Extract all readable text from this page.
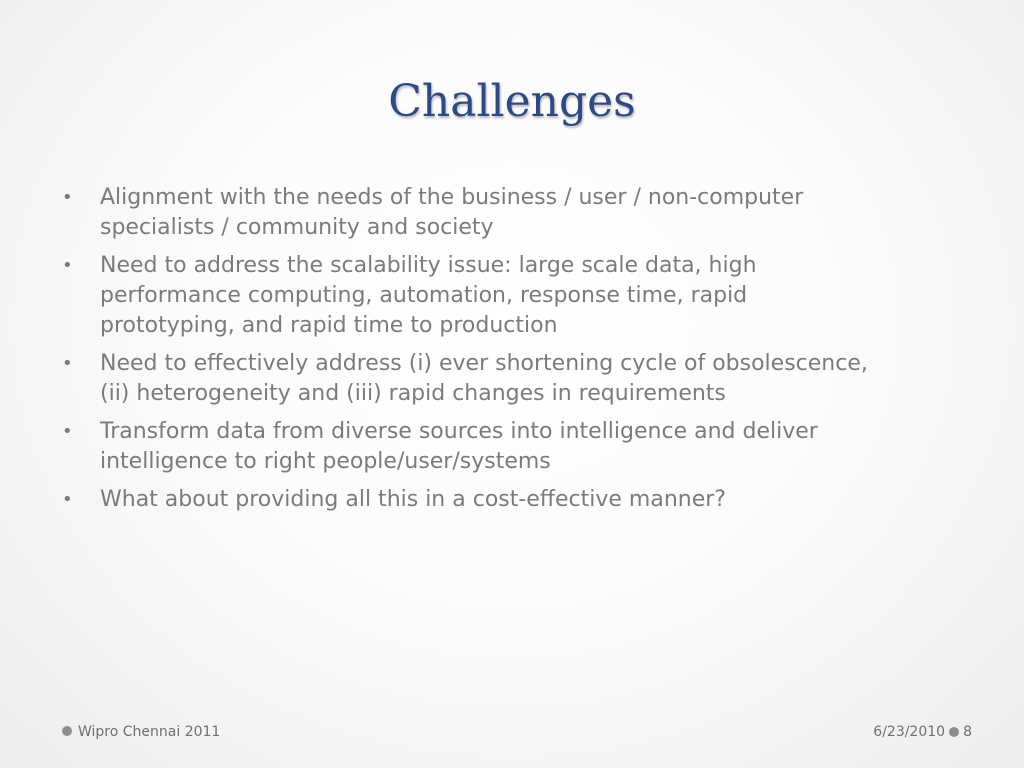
Challenges
• Alignment with the needs of the business / user / non-computer specialists / community and society
• Need to address the scalability issue: large scale data, high performance computing, automation, response time, rapid prototyping, and rapid time to production
• Need to effectively address (i) ever shortening cycle of obsolescence, (ii) heterogeneity and (iii) rapid changes in requirements
• Transform data from diverse sources into intelligence and deliver intelligence to right people/user/systems
• What about providing all this in a cost-effective manner?
Wipro Chennai 2011	6/23/2010 8
